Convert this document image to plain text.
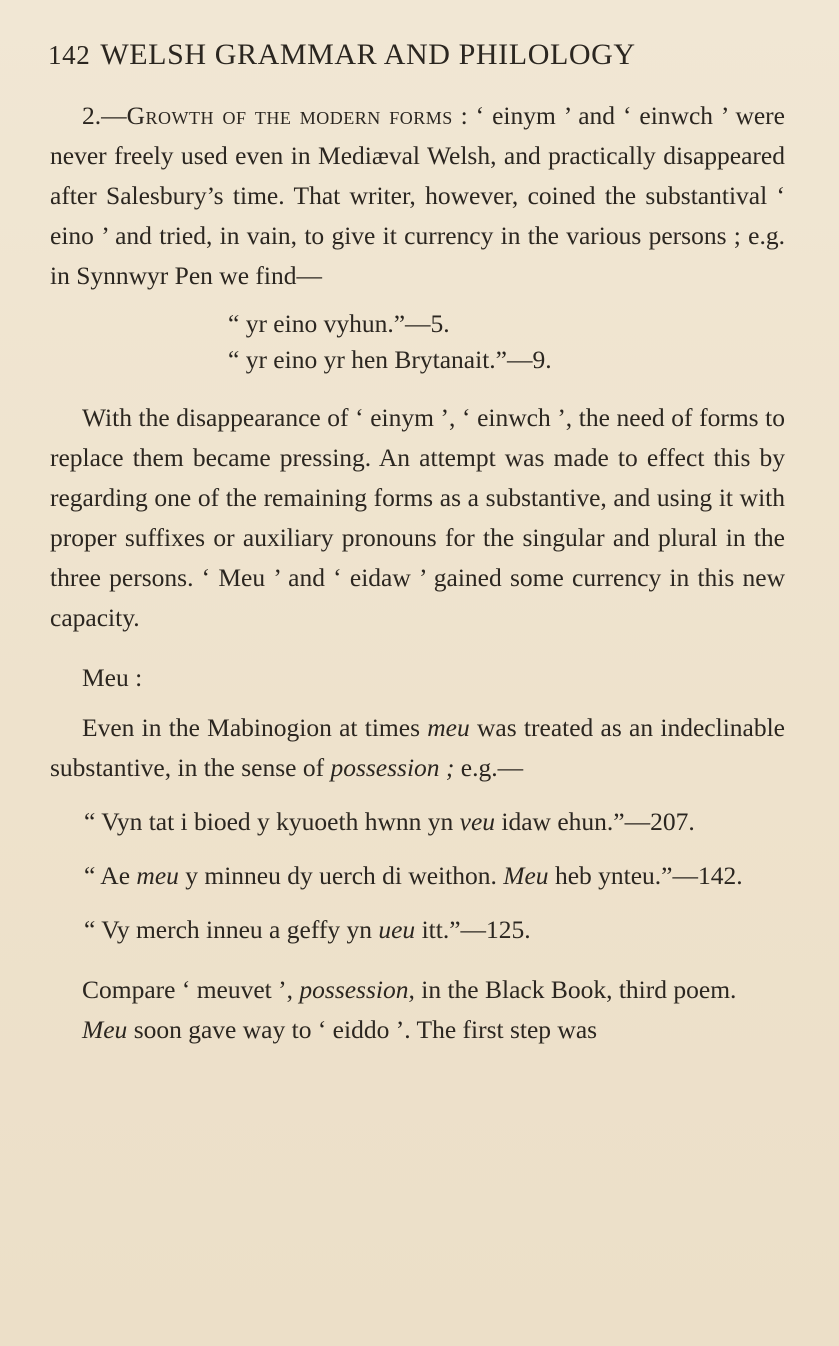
142 WELSH GRAMMAR AND PHILOLOGY

2.—Growth of the modern forms : ‘ einym ’ and ‘ einwch ’ were never freely used even in Mediæval Welsh, and practically disappeared after Salesbury’s time. That writer, however, coined the substantival ‘ eino ’ and tried, in vain, to give it currency in the various persons ; e.g. in Synnwyr Pen we find—

“ yr eino vyhun.”—5.

“ yr eino yr hen Brytanait.”—9.

With the disappearance of ‘ einym ’, ‘ einwch ’, the need of forms to replace them became pressing. An attempt was made to effect this by regarding one of the remaining forms as a substantive, and using it with proper suffixes or auxiliary pronouns for the singular and plural in the three persons. ‘ Meu ’ and ‘ eidaw ’ gained some currency in this new capacity.

Meu :

Even in the Mabinogion at times meu was treated as an indeclinable substantive, in the sense of possession ; e.g.—

“ Vyn tat i bioed y kyuoeth hwnn yn veu idaw ehun.”—207.

“ Ae meu y minneu dy uerch di weithon. Meu heb ynteu.”—142.

“ Vy merch inneu a geffy yn ueu itt.”—125.

Compare ‘ meuvet ’, possession, in the Black Book, third poem.

Meu soon gave way to ‘ eiddo ’. The first step was
